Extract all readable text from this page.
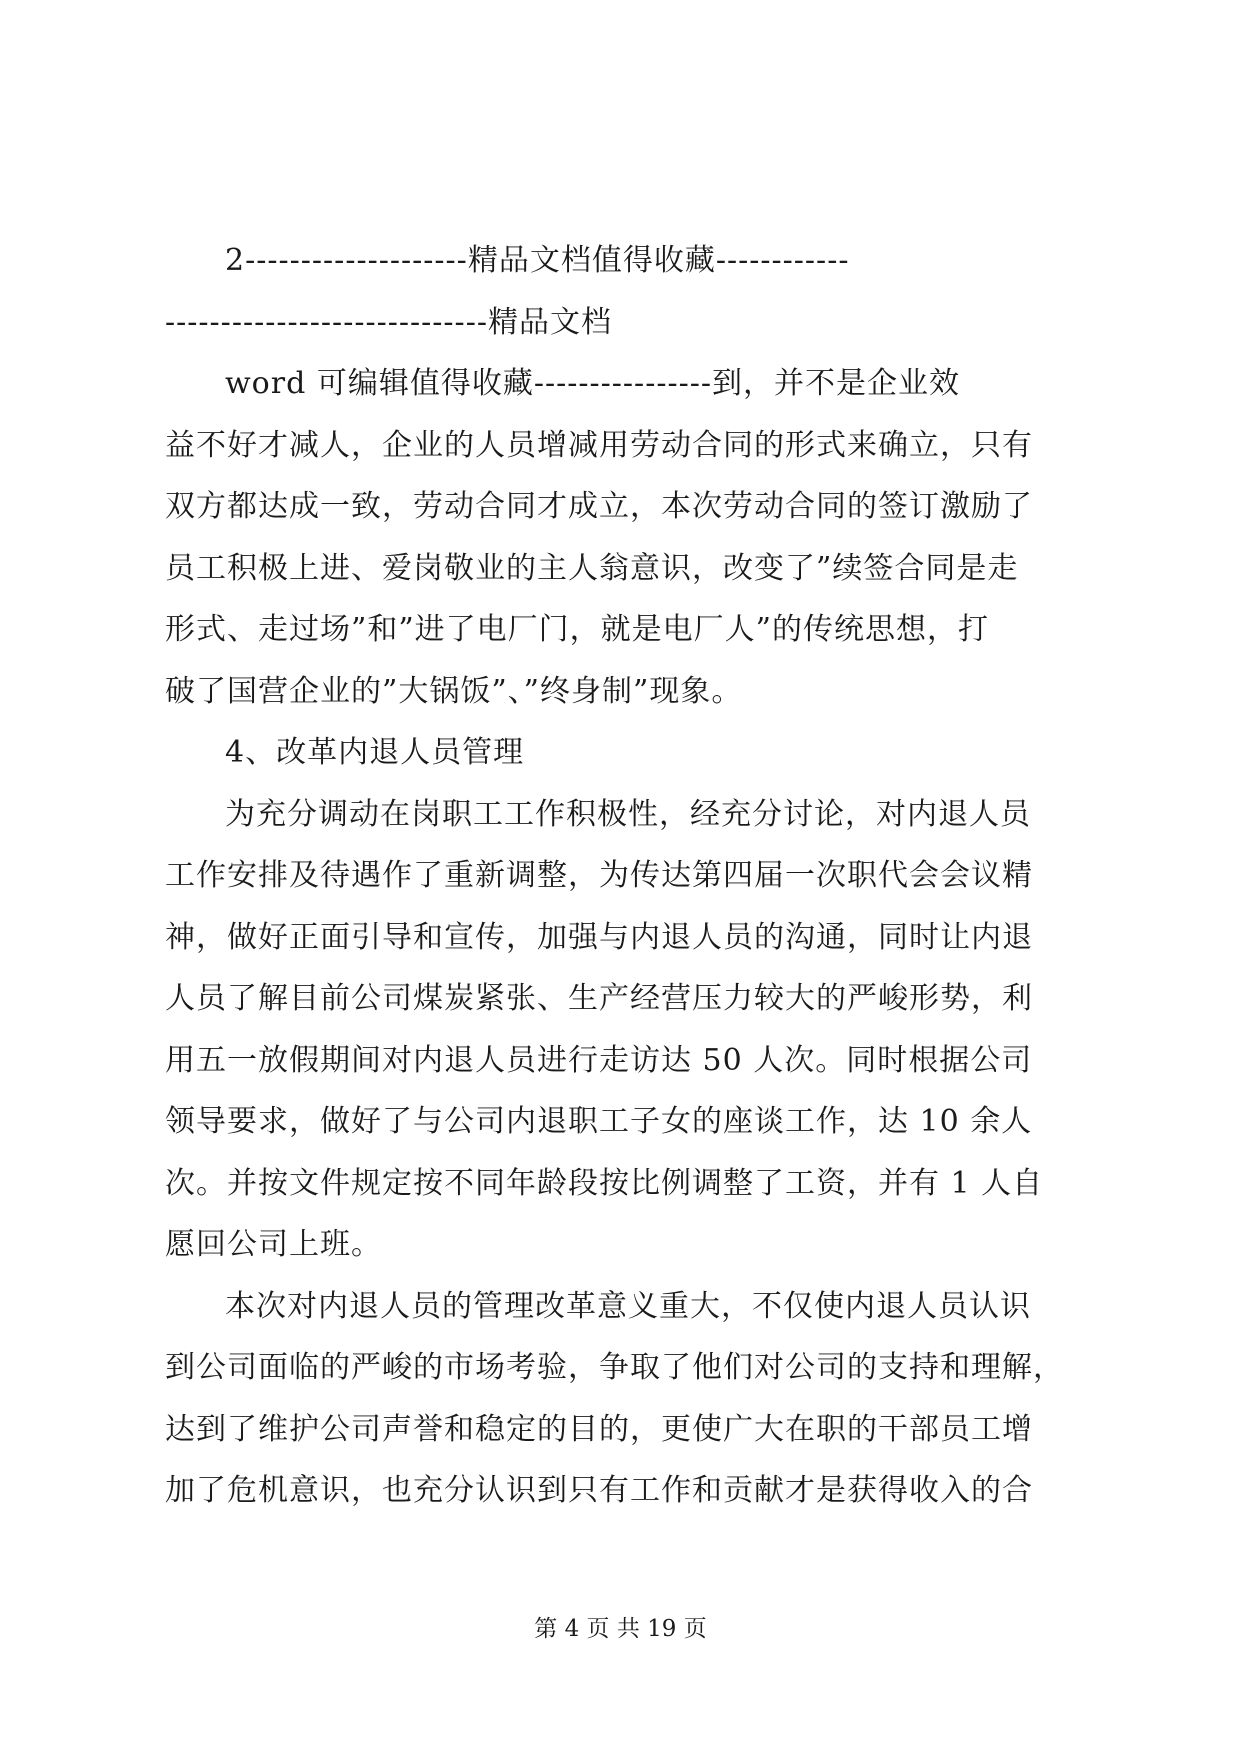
2--------------------精品文档值得收藏------------
-----------------------------精品文档
word 可编辑值得收藏----------------到，并不是企业效
益不好才减人，企业的人员增减用劳动合同的形式来确立，只有
双方都达成一致，劳动合同才成立，本次劳动合同的签订激励了
员工积极上进、爱岗敬业的主人翁意识，改变了”续签合同是走
形式、走过场”和”进了电厂门，就是电厂人”的传统思想，打
破了国营企业的”大锅饭”、”终身制”现象。
4、改革内退人员管理
为充分调动在岗职工工作积极性，经充分讨论，对内退人员
工作安排及待遇作了重新调整，为传达第四届一次职代会会议精
神，做好正面引导和宣传，加强与内退人员的沟通，同时让内退
人员了解目前公司煤炭紧张、生产经营压力较大的严峻形势，利
用五一放假期间对内退人员进行走访达 50 人次。同时根据公司
领导要求，做好了与公司内退职工子女的座谈工作，达 10 余人
次。并按文件规定按不同年龄段按比例调整了工资，并有 1 人自
愿回公司上班。
本次对内退人员的管理改革意义重大，不仅使内退人员认识
到公司面临的严峻的市场考验，争取了他们对公司的支持和理解，
达到了维护公司声誉和稳定的目的，更使广大在职的干部员工增
加了危机意识，也充分认识到只有工作和贡献才是获得收入的合
第 4 页 共 19 页
